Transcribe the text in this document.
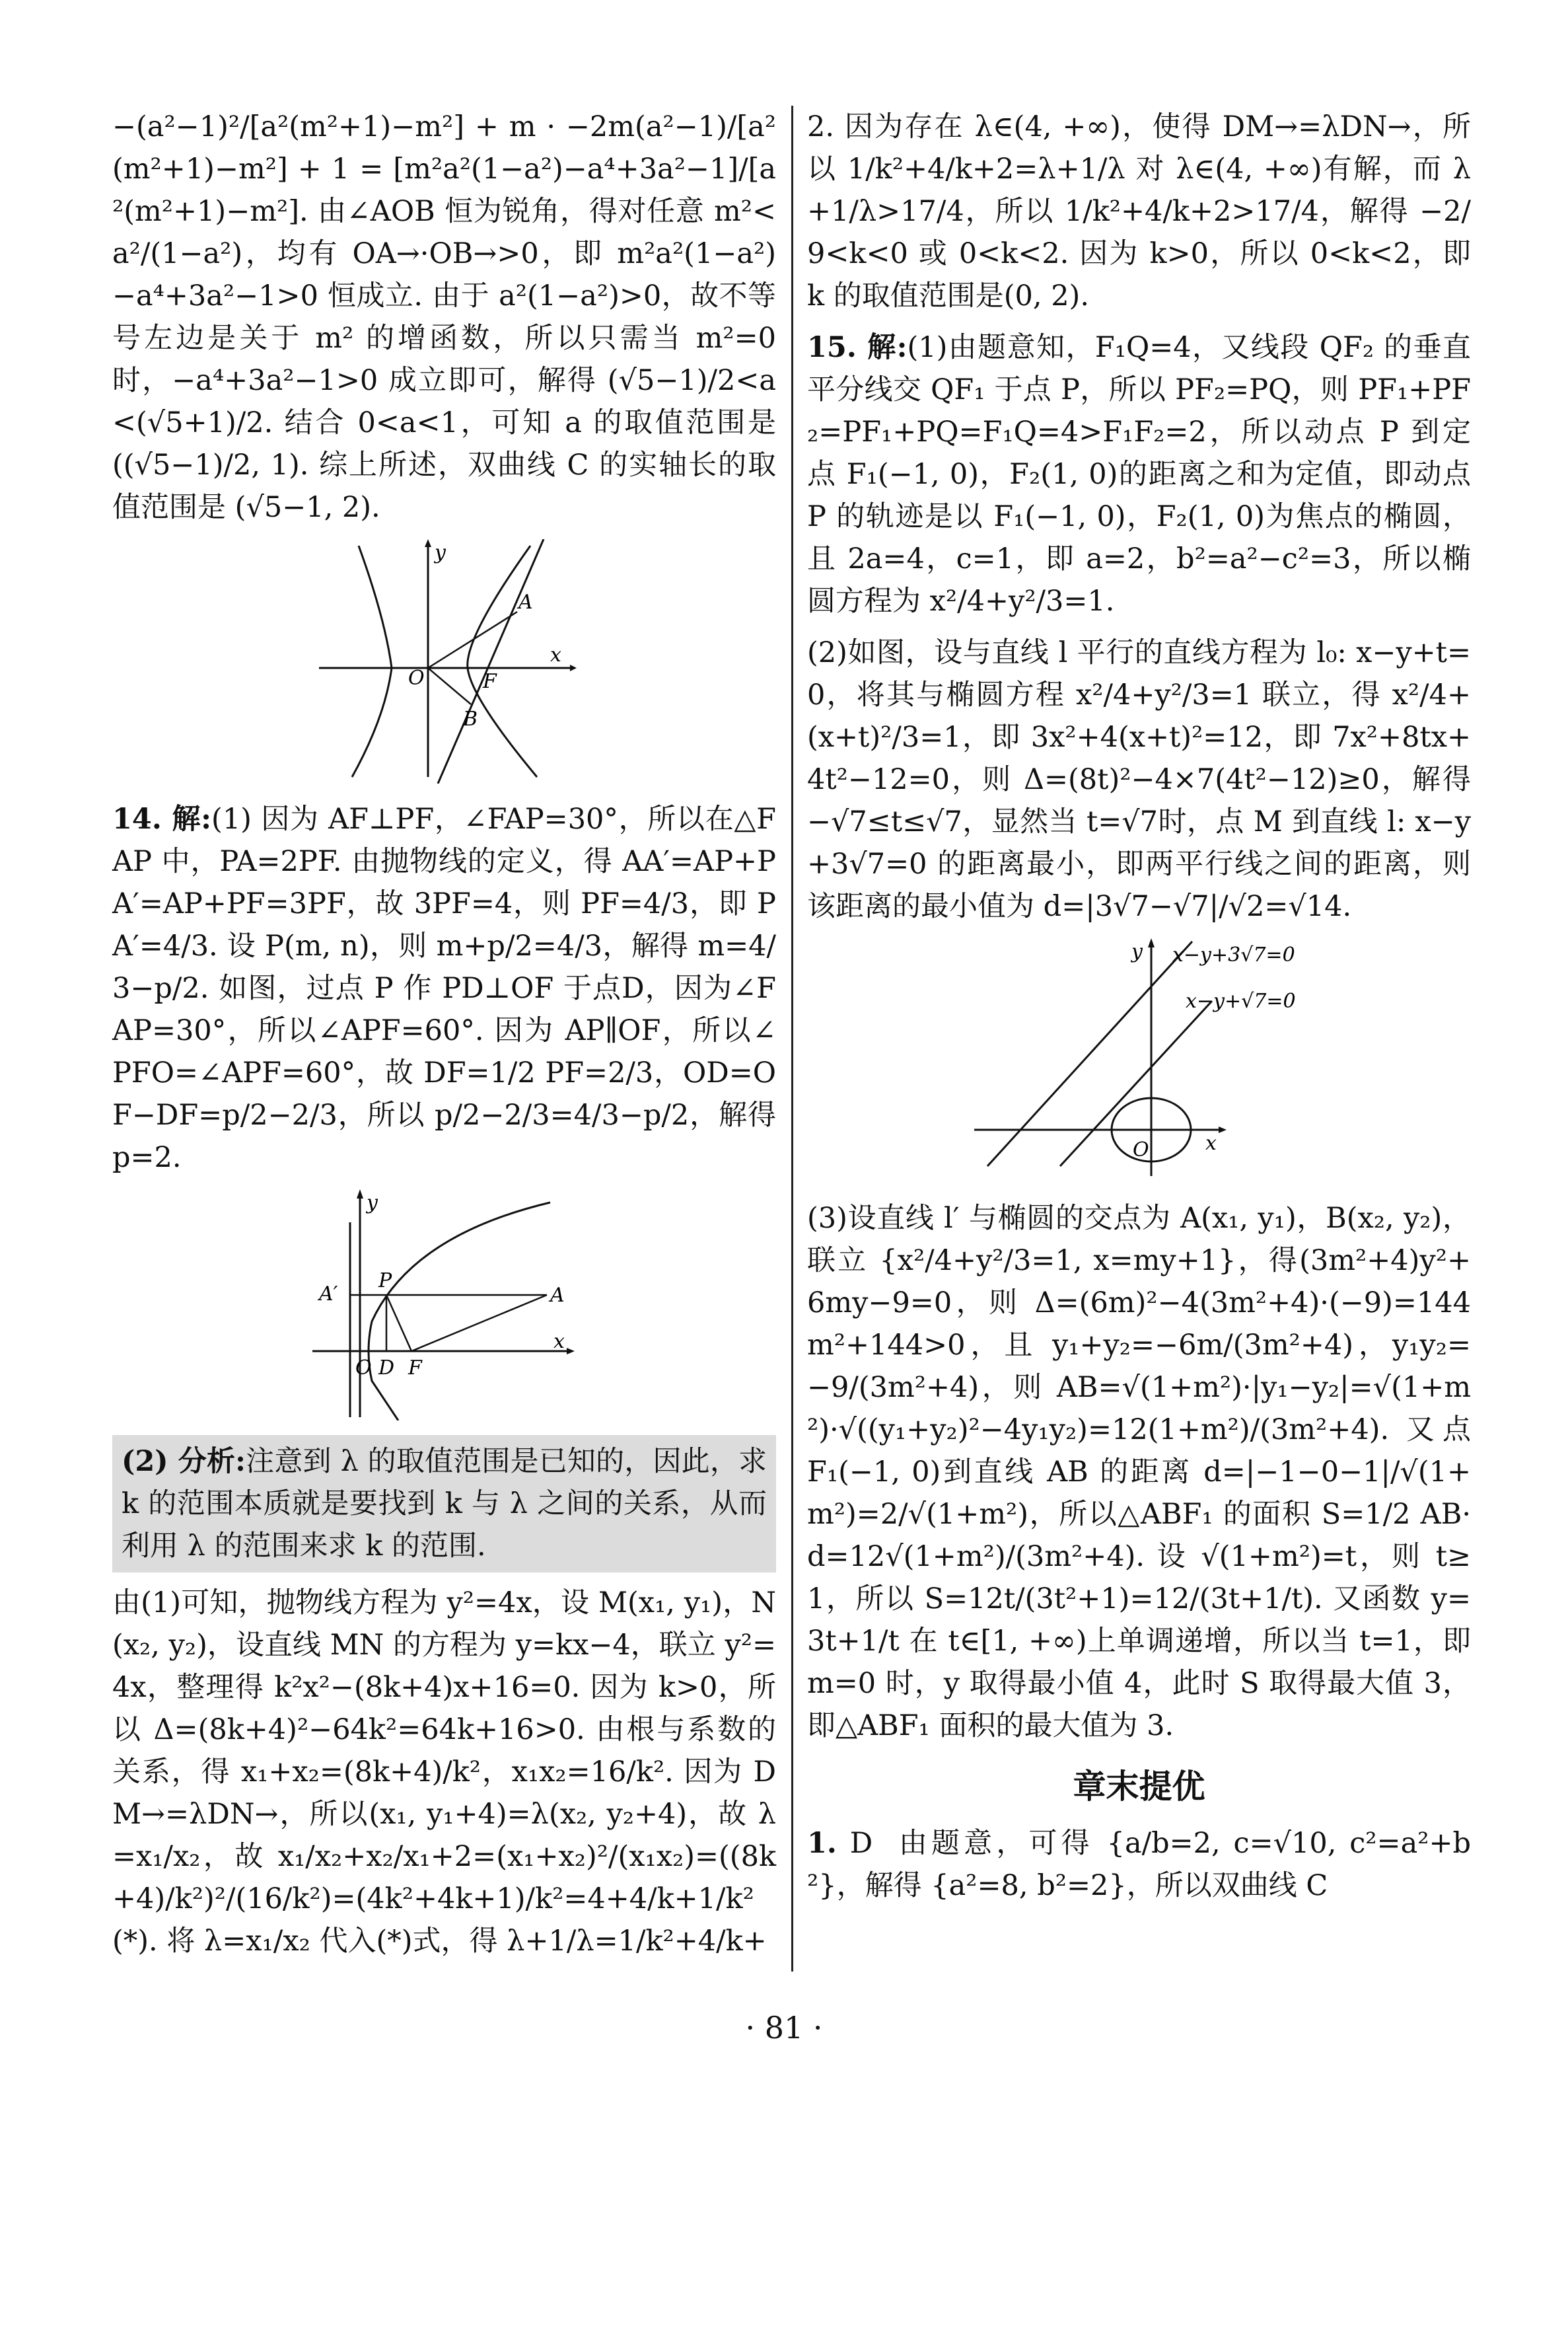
−(a²−1)²/[a²(m²+1)−m²] + m · −2m(a²−1)/[a²(m²+1)−m²] + 1 = [m²a²(1−a²)−a⁴+3a²−1]/[a²(m²+1)−m²]. 由∠AOB 恒为锐角，得对任意 m²<a²/(1−a²)，均有 OA→·OB→>0，即 m²a²(1−a²)−a⁴+3a²−1>0 恒成立. 由于 a²(1−a²)>0，故不等号左边是关于 m² 的增函数，所以只需当 m²=0 时，−a⁴+3a²−1>0 成立即可，解得 (√5−1)/2<a<(√5+1)/2. 结合 0<a<1，可知 a 的取值范围是 ((√5−1)/2, 1). 综上所述，双曲线 C 的实轴长的取值范围是 (√5−1, 2).
O
y
x
A
F
B
14. 解:(1) 因为 AF⊥PF，∠FAP=30°，所以在△FAP 中，PA=2PF. 由抛物线的定义，得 AA′=AP+PA′=AP+PF=3PF，故 3PF=4，则 PF=4/3，即 PA′=4/3. 设 P(m, n)，则 m+p/2=4/3，解得 m=4/3−p/2. 如图，过点 P 作 PD⊥OF 于点D，因为∠FAP=30°，所以∠APF=60°. 因为 AP∥OF，所以∠PFO=∠APF=60°，故 DF=1/2 PF=2/3，OD=OF−DF=p/2−2/3，所以 p/2−2/3=4/3−p/2，解得 p=2.
y
x
O D F
P
A′	A
(2) 分析:注意到 λ 的取值范围是已知的，因此，求 k 的范围本质就是要找到 k 与 λ 之间的关系，从而利用 λ 的范围来求 k 的范围.
由(1)可知，抛物线方程为 y²=4x，设 M(x₁, y₁)，N(x₂, y₂)，设直线 MN 的方程为 y=kx−4，联立 y²=4x，整理得 k²x²−(8k+4)x+16=0. 因为 k>0，所以 Δ=(8k+4)²−64k²=64k+16>0. 由根与系数的关系，得 x₁+x₂=(8k+4)/k²，x₁x₂=16/k². 因为 DM→=λDN→，所以(x₁, y₁+4)=λ(x₂, y₂+4)，故 λ=x₁/x₂，故 x₁/x₂+x₂/x₁+2=(x₁+x₂)²/(x₁x₂)=((8k+4)/k²)²/(16/k²)=(4k²+4k+1)/k²=4+4/k+1/k²　(*). 将 λ=x₁/x₂ 代入(*)式，得 λ+1/λ=1/k²+4/k+
2. 因为存在 λ∈(4, +∞)，使得 DM→=λDN→，所以 1/k²+4/k+2=λ+1/λ 对 λ∈(4, +∞)有解，而 λ+1/λ>17/4，所以 1/k²+4/k+2>17/4，解得 −2/9<k<0 或 0<k<2. 因为 k>0，所以 0<k<2，即 k 的取值范围是(0, 2).
15. 解:(1)由题意知，F₁Q=4，又线段 QF₂ 的垂直平分线交 QF₁ 于点 P，所以 PF₂=PQ，则 PF₁+PF₂=PF₁+PQ=F₁Q=4>F₁F₂=2，所以动点 P 到定点 F₁(−1, 0)，F₂(1, 0)的距离之和为定值，即动点 P 的轨迹是以 F₁(−1, 0)，F₂(1, 0)为焦点的椭圆，且 2a=4，c=1，即 a=2，b²=a²−c²=3，所以椭圆方程为 x²/4+y²/3=1.
(2)如图，设与直线 l 平行的直线方程为 l₀: x−y+t=0，将其与椭圆方程 x²/4+y²/3=1 联立，得 x²/4+(x+t)²/3=1，即 3x²+4(x+t)²=12，即 7x²+8tx+4t²−12=0，则 Δ=(8t)²−4×7(4t²−12)≥0，解得 −√7≤t≤√7，显然当 t=√7时，点 M 到直线 l: x−y+3√7=0 的距离最小，即两平行线之间的距离，则该距离的最小值为 d=|3√7−√7|/√2=√14.
O
y
x
x−y+3√7=0
x−y+√7=0
(3)设直线 l′ 与椭圆的交点为 A(x₁, y₁)，B(x₂, y₂)，联立 {x²/4+y²/3=1, x=my+1}，得(3m²+4)y²+6my−9=0，则 Δ=(6m)²−4(3m²+4)·(−9)=144m²+144>0，且 y₁+y₂=−6m/(3m²+4)，y₁y₂=−9/(3m²+4)，则 AB=√(1+m²)·|y₁−y₂|=√(1+m²)·√((y₁+y₂)²−4y₁y₂)=12(1+m²)/(3m²+4). 又点 F₁(−1, 0)到直线 AB 的距离 d=|−1−0−1|/√(1+m²)=2/√(1+m²)，所以△ABF₁ 的面积 S=1/2 AB·d=12√(1+m²)/(3m²+4). 设 √(1+m²)=t，则 t≥1，所以 S=12t/(3t²+1)=12/(3t+1/t). 又函数 y=3t+1/t 在 t∈[1, +∞)上单调递增，所以当 t=1，即 m=0 时，y 取得最小值 4，此时 S 取得最大值 3，即△ABF₁ 面积的最大值为 3.
章末提优
1. D 由题意，可得 {a/b=2, c=√10, c²=a²+b²}，解得 {a²=8, b²=2}，所以双曲线 C
· 81 ·
